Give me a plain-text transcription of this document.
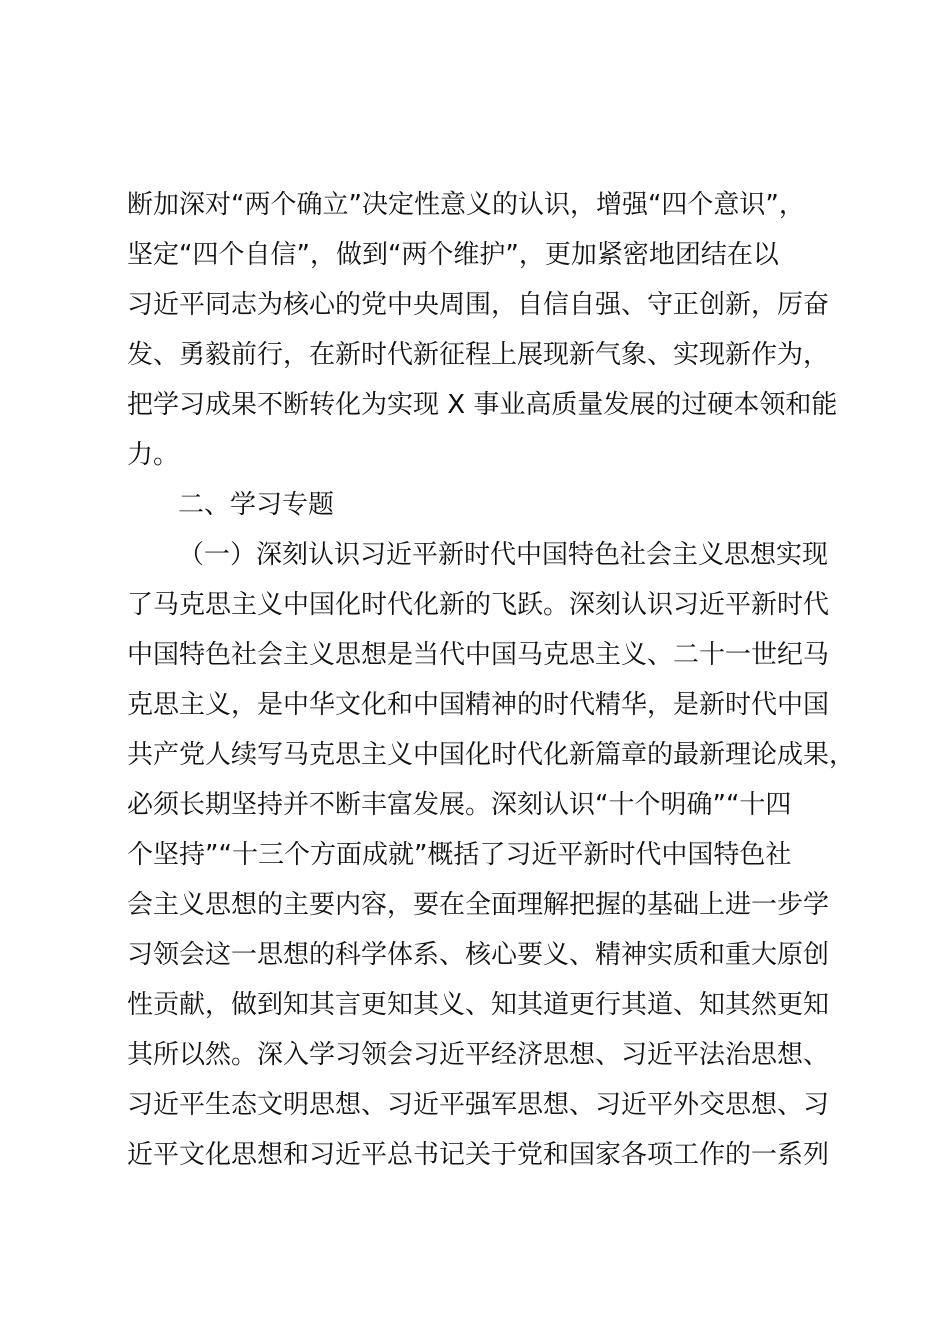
断加深对“两个确立”决定性意义的认识，增强“四个意识”，
坚定“四个自信”，做到“两个维护”，更加紧密地团结在以
习近平同志为核心的党中央周围，自信自强、守正创新，厉奋
发、勇毅前行，在新时代新征程上展现新气象、实现新作为，
把学习成果不断转化为实现 X 事业高质量发展的过硬本领和能
力。
二、学习专题
（一）深刻认识习近平新时代中国特色社会主义思想实现
了马克思主义中国化时代化新的飞跃。深刻认识习近平新时代
中国特色社会主义思想是当代中国马克思主义、二十一世纪马
克思主义，是中华文化和中国精神的时代精华，是新时代中国
共产党人续写马克思主义中国化时代化新篇章的最新理论成果，
必须长期坚持并不断丰富发展。深刻认识“十个明确”“十四
个坚持”“十三个方面成就”概括了习近平新时代中国特色社
会主义思想的主要内容，要在全面理解把握的基础上进一步学
习领会这一思想的科学体系、核心要义、精神实质和重大原创
性贡献，做到知其言更知其义、知其道更行其道、知其然更知
其所以然。深入学习领会习近平经济思想、习近平法治思想、
习近平生态文明思想、习近平强军思想、习近平外交思想、习
近平文化思想和习近平总书记关于党和国家各项工作的一系列
